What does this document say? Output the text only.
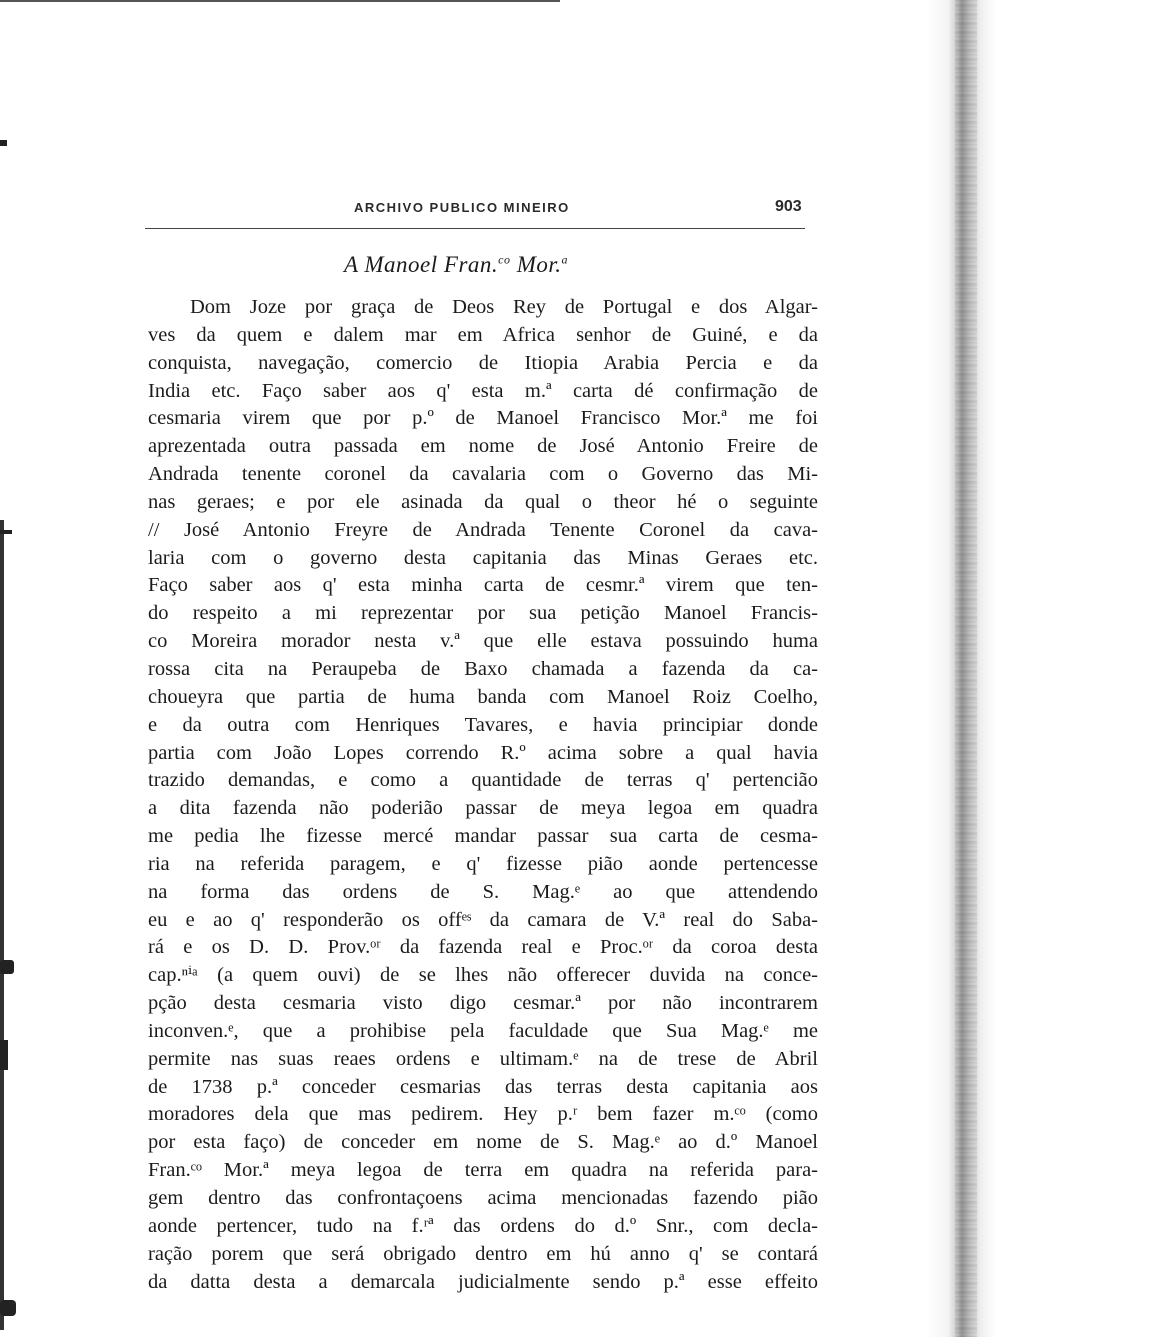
ARCHIVO PUBLICO MINEIRO	903
A Manoel Fran.$^{co}$ Mor.$^a$
Dom Joze por graça de Deos Rey de Portugal e dos Algar-
ves da quem e dalem mar em Africa senhor de Guiné, e da
conquista, navegação, comercio de Itiopia Arabia Percia e da
India etc. Faço saber aos q' esta m.ª carta dé confirmação de
cesmaria virem que por p.º de Manoel Francisco Mor.ª me foi
aprezentada outra passada em nome de José Antonio Freire de
Andrada tenente coronel da cavalaria com o Governo das Mi-
nas geraes; e por ele asinada da qual o theor hé o seguinte
// José Antonio Freyre de Andrada Tenente Coronel da cava-
laria com o governo desta capitania das Minas Geraes etc.
Faço saber aos q' esta minha carta de cesmr.ª virem que ten-
do respeito a mi reprezentar por sua petição Manoel Francis-
co Moreira morador nesta v.ª que elle estava possuindo huma
rossa cita na Peraupeba de Baxo chamada a fazenda da ca-
choueyra que partia de huma banda com Manoel Roiz Coelho,
e da outra com Henriques Tavares, e havia principiar donde
partia com João Lopes correndo R.º acima sobre a qual havia
trazido demandas, e como a quantidade de terras q' pertencião
a dita fazenda não poderião passar de meya legoa em quadra
me pedia lhe fizesse mercé mandar passar sua carta de cesma-
ria na referida paragem, e q' fizesse pião aonde pertencesse
na forma das ordens de S. Mag.ᵉ ao que attendendo
eu e ao q' responderão os offᵉˢ da camara de V.ª real do Saba-
rá e os D. D. Prov.ᵒʳ da fazenda real e Proc.ᵒʳ da coroa desta
cap.ⁿⁱᵃ (a quem ouvi) de se lhes não offerecer duvida na conce-
pção desta cesmaria visto digo cesmar.ª por não incontrarem
inconven.ᵉ, que a prohibise pela faculdade que Sua Mag.ᵉ me
permite nas suas reaes ordens e ultimam.ᵉ na de trese de Abril
de 1738 p.ª conceder cesmarias das terras desta capitania aos
moradores dela que mas pedirem. Hey p.ʳ bem fazer m.ᶜᵒ (como
por esta faço) de conceder em nome de S. Mag.ᵉ ao d.º Manoel
Fran.ᶜᵒ Mor.ª meya legoa de terra em quadra na referida para-
gem dentro das confrontaçoens acima mencionadas fazendo pião
aonde pertencer, tudo na f.ʳª das ordens do d.º Snr., com decla-
ração porem que será obrigado dentro em hú anno q' se contará
da datta desta a demarcala judicialmente sendo p.ª esse effeito
